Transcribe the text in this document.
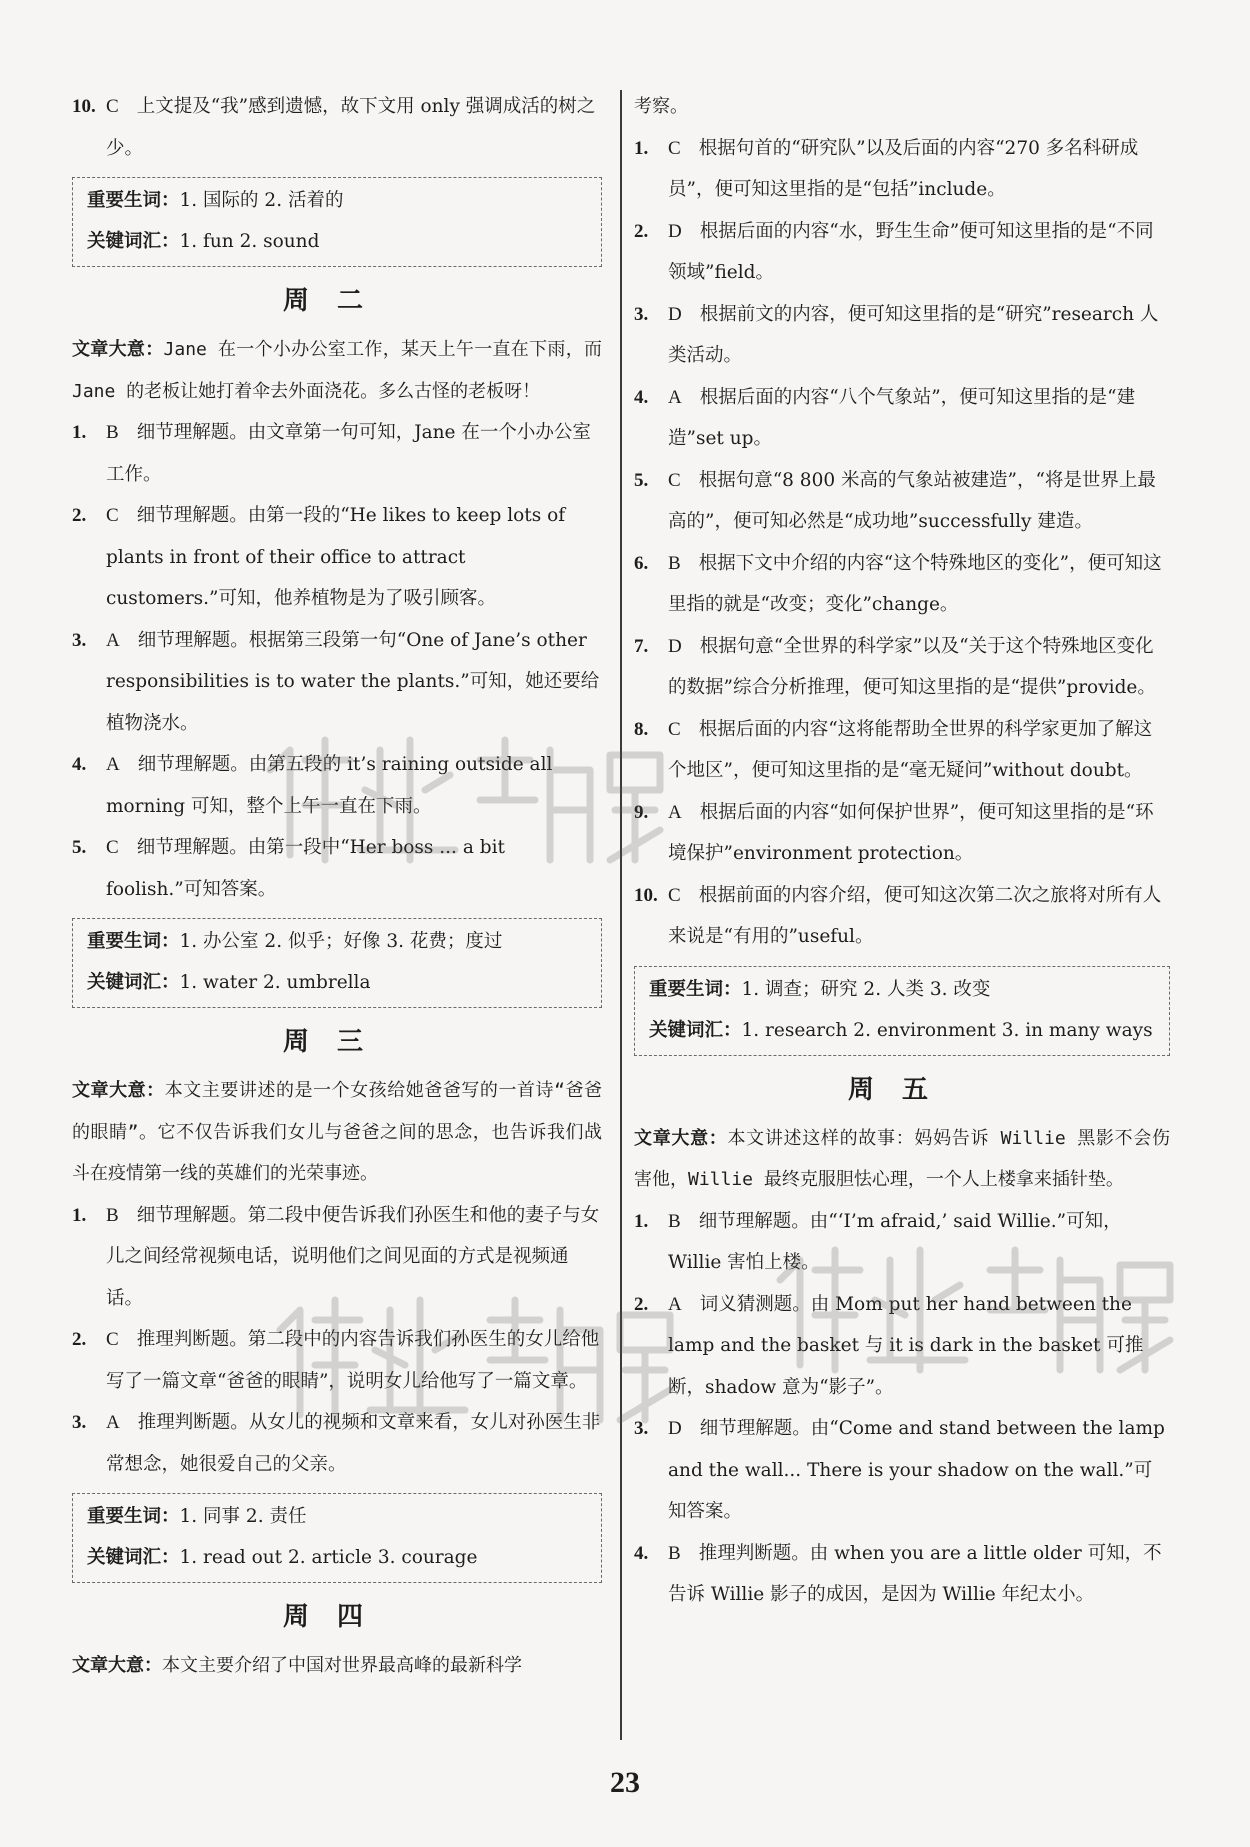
10. C 上文提及“我”感到遗憾，故下文用 only 强调成活的树之少。

重要生词：1. 国际的 2. 活着的

关键词汇：1. fun 2. sound

周二

文章大意：Jane 在一个小办公室工作，某天上午一直在下雨，而 Jane 的老板让她打着伞去外面浇花。多么古怪的老板呀！

1. B 细节理解题。由文章第一句可知，Jane 在一个小办公室工作。

2. C 细节理解题。由第一段的“He likes to keep lots of plants in front of their office to attract customers.”可知，他养植物是为了吸引顾客。

3. A 细节理解题。根据第三段第一句“One of Jane’s other responsibilities is to water the plants.”可知，她还要给植物浇水。

4. A 细节理解题。由第五段的 it’s raining outside all morning 可知，整个上午一直在下雨。

5. C 细节理解题。由第一段中“Her boss ... a bit foolish.”可知答案。

重要生词：1. 办公室 2. 似乎；好像 3. 花费；度过

关键词汇：1. water 2. umbrella

周三

文章大意：本文主要讲述的是一个女孩给她爸爸写的一首诗“爸爸的眼睛”。它不仅告诉我们女儿与爸爸之间的思念，也告诉我们战斗在疫情第一线的英雄们的光荣事迹。

1. B 细节理解题。第二段中便告诉我们孙医生和他的妻子与女儿之间经常视频电话，说明他们之间见面的方式是视频通话。

2. C 推理判断题。第二段中的内容告诉我们孙医生的女儿给他写了一篇文章“爸爸的眼睛”，说明女儿给他写了一篇文章。

3. A 推理判断题。从女儿的视频和文章来看，女儿对孙医生非常想念，她很爱自己的父亲。

重要生词：1. 同事 2. 责任

关键词汇：1. read out 2. article 3. courage

周四

文章大意：本文主要介绍了中国对世界最高峰的最新科学

考察。

1. C 根据句首的“研究队”以及后面的内容“270 多名科研成员”，便可知这里指的是“包括”include。

2. D 根据后面的内容“水，野生生命”便可知这里指的是“不同领域”field。

3. D 根据前文的内容，便可知这里指的是“研究”research 人类活动。

4. A 根据后面的内容“八个气象站”，便可知这里指的是“建造”set up。

5. C 根据句意“8 800 米高的气象站被建造”，“将是世界上最高的”，便可知必然是“成功地”successfully 建造。

6. B 根据下文中介绍的内容“这个特殊地区的变化”，便可知这里指的就是“改变；变化”change。

7. D 根据句意“全世界的科学家”以及“关于这个特殊地区变化的数据”综合分析推理，便可知这里指的是“提供”provide。

8. C 根据后面的内容“这将能帮助全世界的科学家更加了解这个地区”，便可知这里指的是“毫无疑问”without doubt。

9. A 根据后面的内容“如何保护世界”，便可知这里指的是“环境保护”environment protection。

10. C 根据前面的内容介绍，便可知这次第二次之旅将对所有人来说是“有用的”useful。

重要生词：1. 调查；研究 2. 人类 3. 改变

关键词汇：1. research 2. environment 3. in many ways

周五

文章大意：本文讲述这样的故事：妈妈告诉 Willie 黑影不会伤害他，Willie 最终克服胆怯心理，一个人上楼拿来插针垫。

1. B 细节理解题。由“‘I’m afraid,’ said Willie.”可知，Willie 害怕上楼。

2. A 词义猜测题。由 Mom put her hand between the lamp and the basket 与 it is dark in the basket 可推断，shadow 意为“影子”。

3. D 细节理解题。由“Come and stand between the lamp and the wall... There is your shadow on the wall.”可知答案。

4. B 推理判断题。由 when you are a little older 可知，不告诉 Willie 影子的成因，是因为 Willie 年纪太小。

23
